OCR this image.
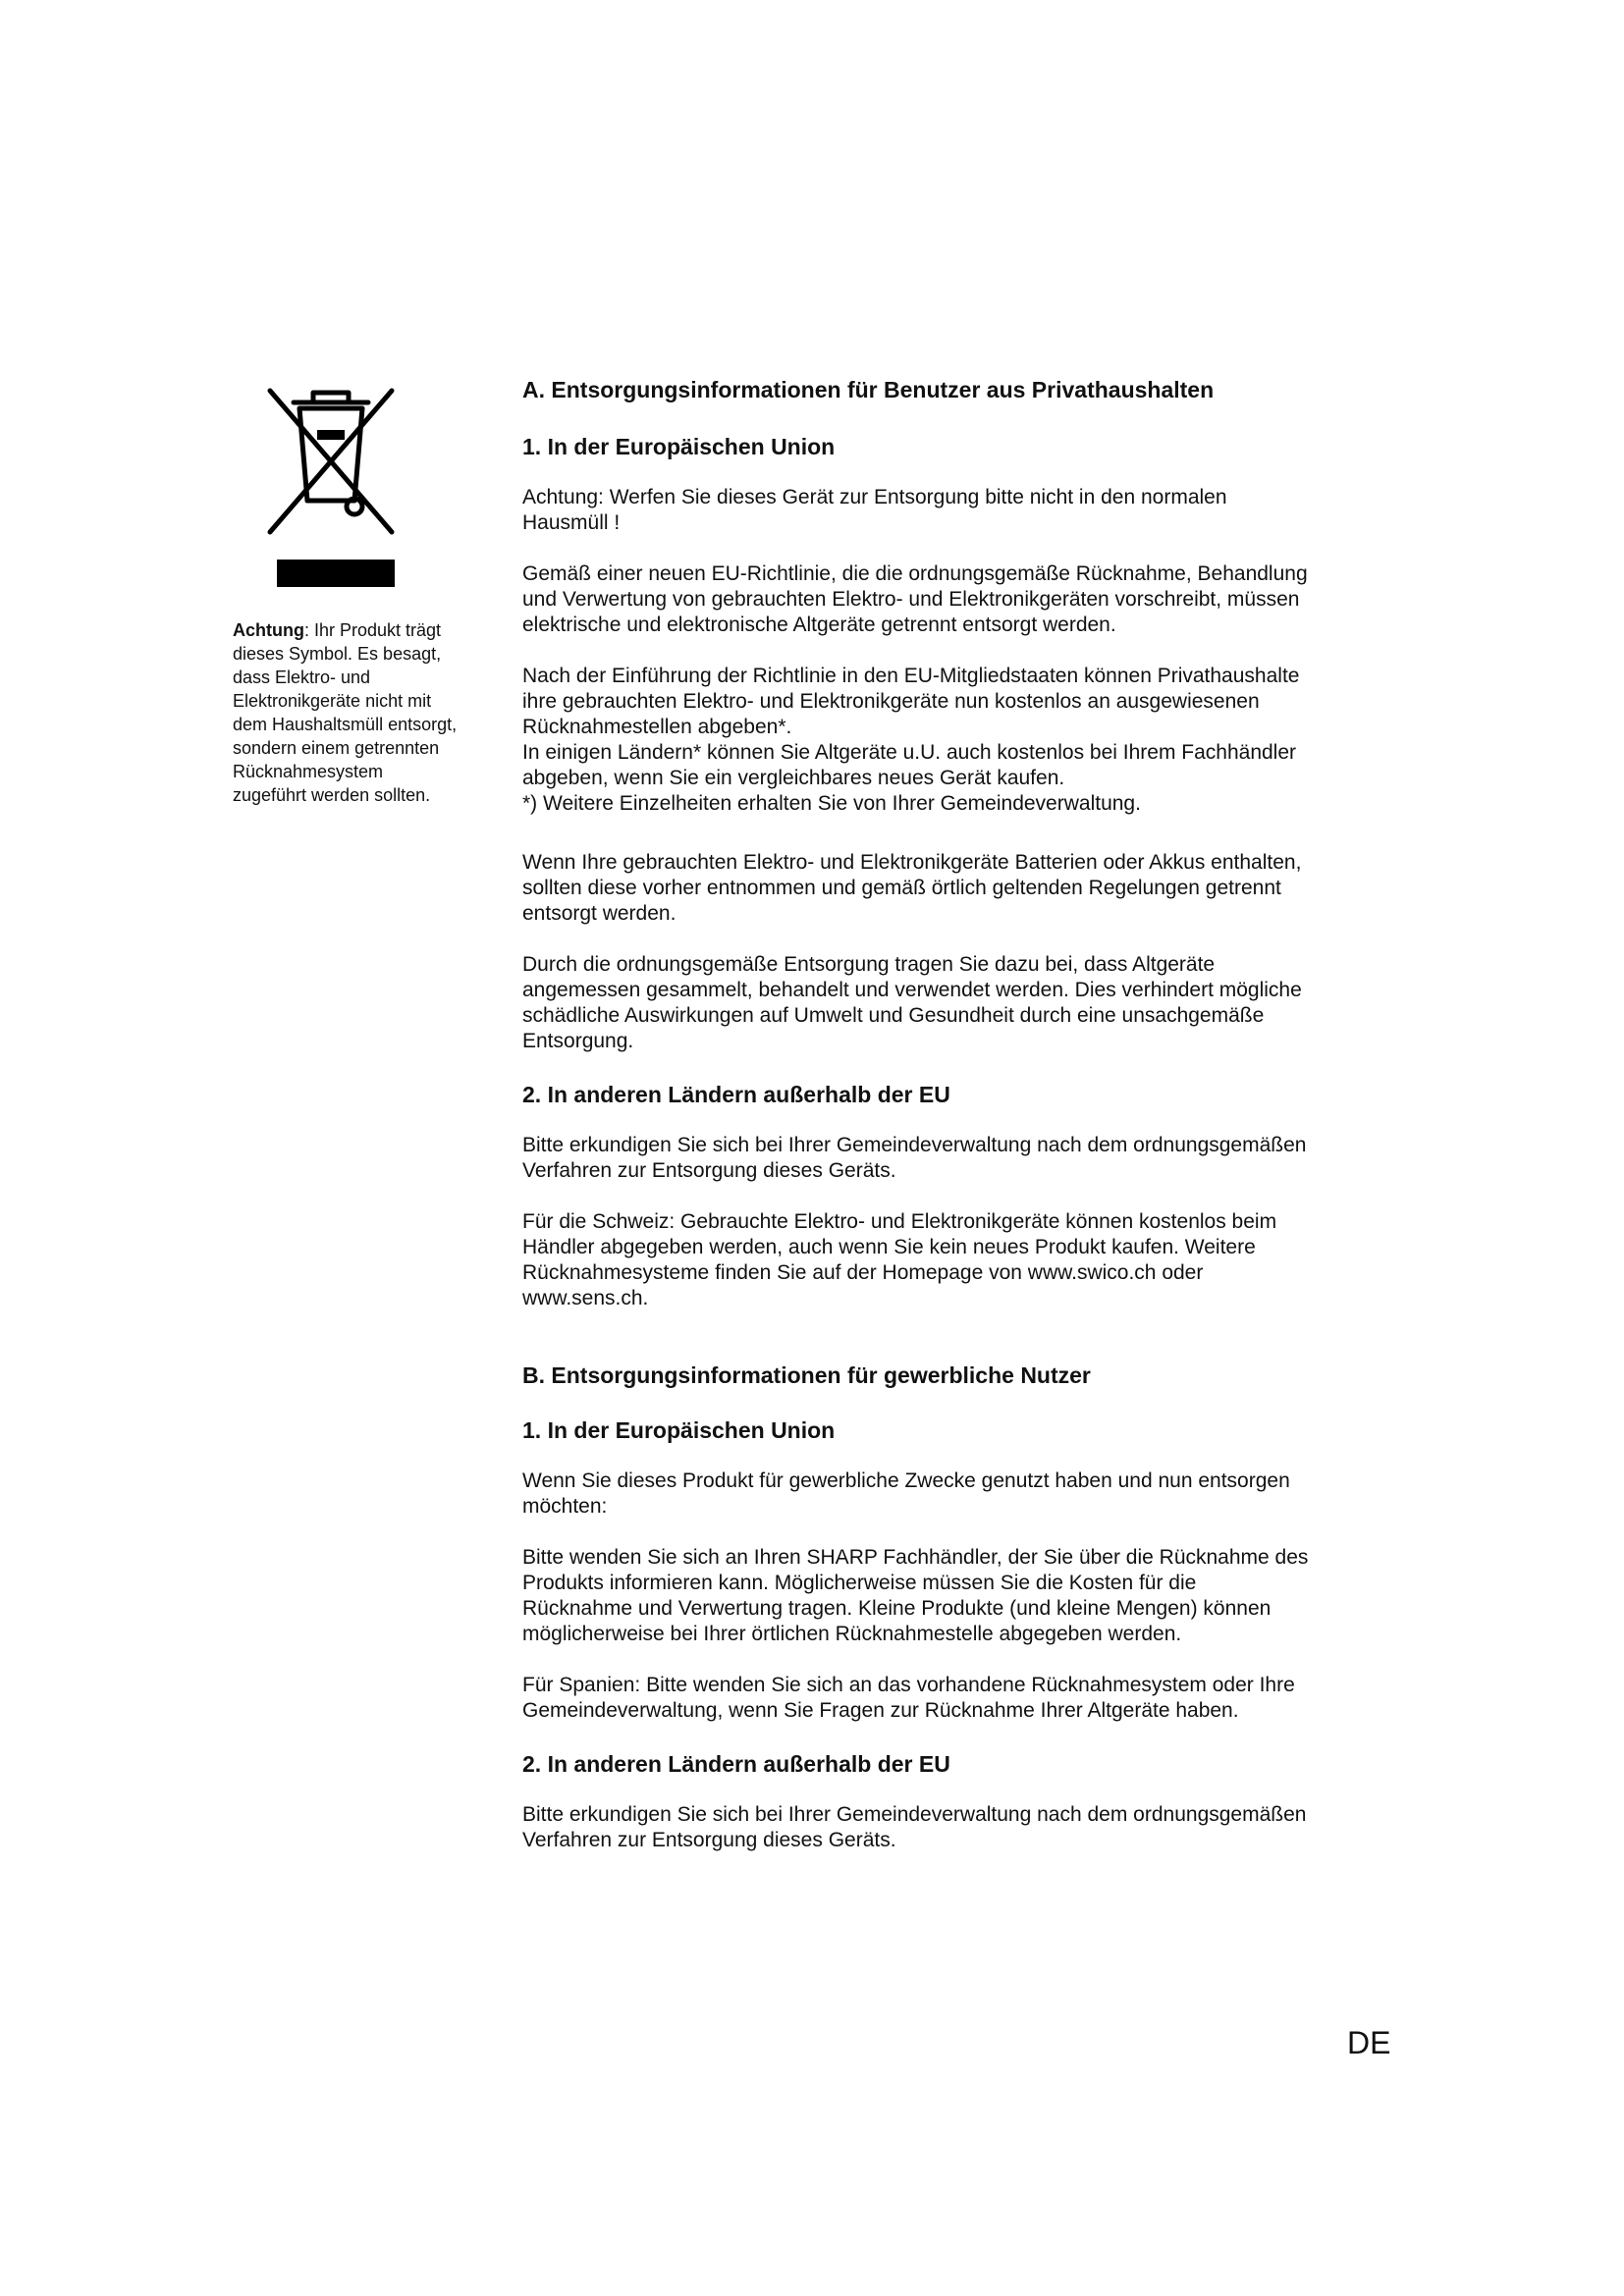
Achtung: Ihr Produkt trägt
dieses Symbol. Es besagt,
dass Elektro- und
Elektronikgeräte nicht mit
dem Haushaltsmüll entsorgt,
sondern einem getrennten
Rücknahmesystem
zugeführt werden sollten.
A. Entsorgungsinformationen für Benutzer aus Privathaushalten
1. In der Europäischen Union

Achtung: Werfen Sie dieses Gerät zur Entsorgung bitte nicht in den normalen
Hausmüll !

Gemäß einer neuen EU-Richtlinie, die die ordnungsgemäße Rücknahme, Behandlung
und Verwertung von gebrauchten Elektro- und Elektronikgeräten vorschreibt, müssen
elektrische und elektronische Altgeräte getrennt entsorgt werden.

Nach der Einführung der Richtlinie in den EU-Mitgliedstaaten können Privathaushalte
ihre gebrauchten Elektro- und Elektronikgeräte nun kostenlos an ausgewiesenen
Rücknahmestellen abgeben*.
In einigen Ländern* können Sie Altgeräte u.U. auch kostenlos bei Ihrem Fachhändler
abgeben, wenn Sie ein vergleichbares neues Gerät kaufen.
*) Weitere Einzelheiten erhalten Sie von Ihrer Gemeindeverwaltung.

Wenn Ihre gebrauchten Elektro- und Elektronikgeräte Batterien oder Akkus enthalten,
sollten diese vorher entnommen und gemäß örtlich geltenden Regelungen getrennt
entsorgt werden.

Durch die ordnungsgemäße Entsorgung tragen Sie dazu bei, dass Altgeräte
angemessen gesammelt, behandelt und verwendet werden. Dies verhindert mögliche
schädliche Auswirkungen auf Umwelt und Gesundheit durch eine unsachgemäße
Entsorgung.

2. In anderen Ländern außerhalb der EU

Bitte erkundigen Sie sich bei Ihrer Gemeindeverwaltung nach dem ordnungsgemäßen
Verfahren zur Entsorgung dieses Geräts.

Für die Schweiz: Gebrauchte Elektro- und Elektronikgeräte können kostenlos beim
Händler abgegeben werden, auch wenn Sie kein neues Produkt kaufen. Weitere
Rücknahmesysteme finden Sie auf der Homepage von www.swico.ch oder
www.sens.ch.

B. Entsorgungsinformationen für gewerbliche Nutzer
1. In der Europäischen Union

Wenn Sie dieses Produkt für gewerbliche Zwecke genutzt haben und nun entsorgen
möchten:

Bitte wenden Sie sich an Ihren SHARP Fachhändler, der Sie über die Rücknahme des
Produkts informieren kann. Möglicherweise müssen Sie die Kosten für die
Rücknahme und Verwertung tragen. Kleine Produkte (und kleine Mengen) können
möglicherweise bei Ihrer örtlichen Rücknahmestelle abgegeben werden.

Für Spanien: Bitte wenden Sie sich an das vorhandene Rücknahmesystem oder Ihre
Gemeindeverwaltung, wenn Sie Fragen zur Rücknahme Ihrer Altgeräte haben.

2. In anderen Ländern außerhalb der EU

Bitte erkundigen Sie sich bei Ihrer Gemeindeverwaltung nach dem ordnungsgemäßen
Verfahren zur Entsorgung dieses Geräts.

DE
